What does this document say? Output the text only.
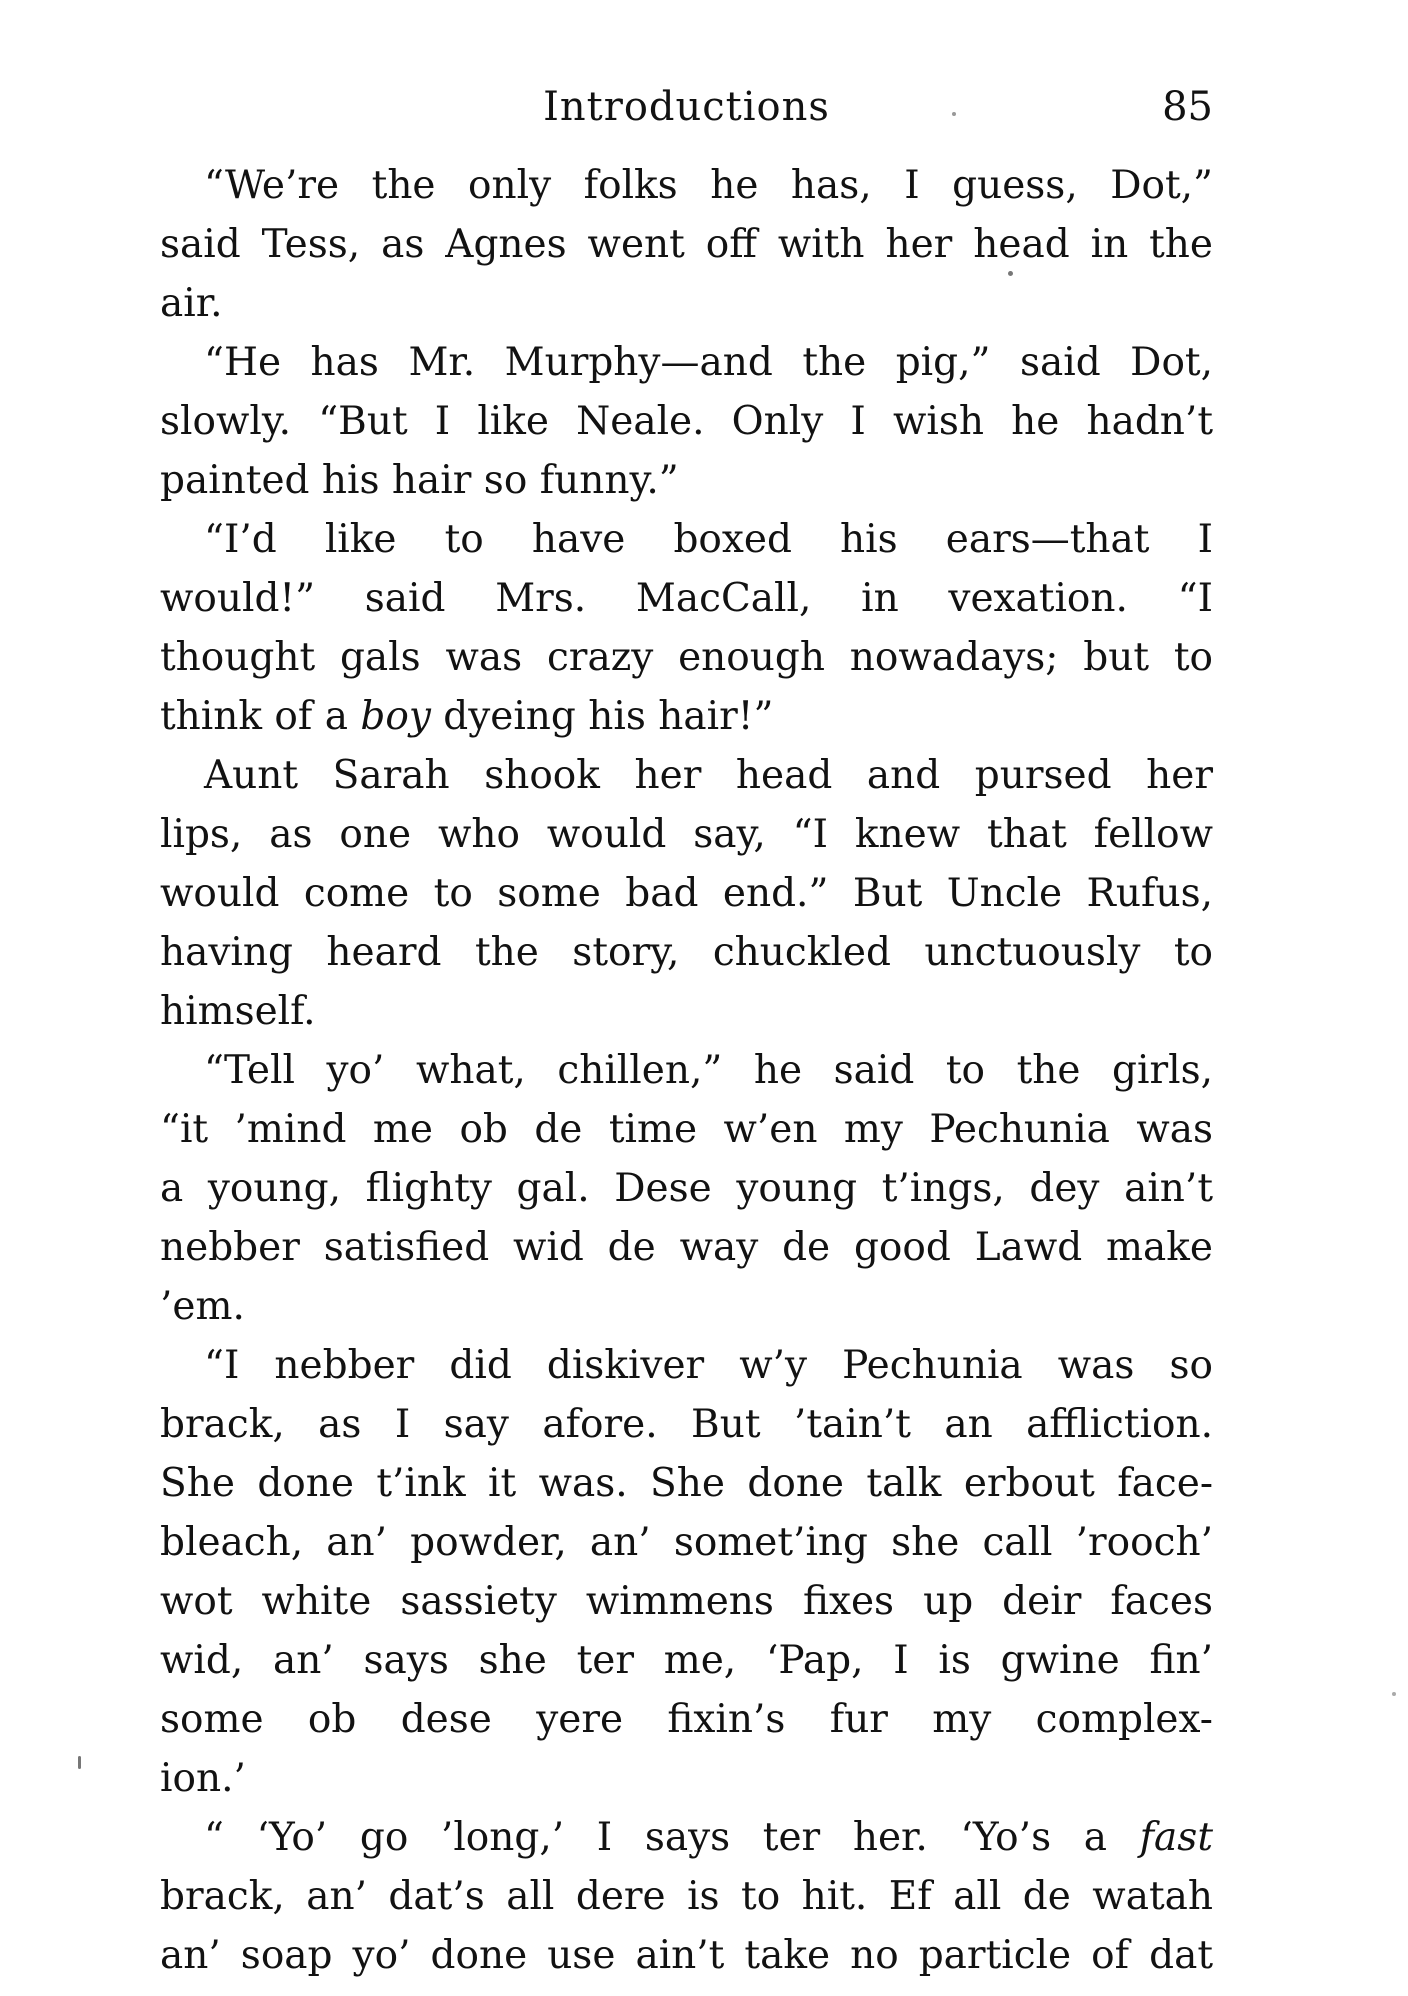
Introductions	85
“We’re the only folks he has, I guess, Dot,”
said Tess, as Agnes went off with her head in the
air.
“He has Mr. Murphy—and the pig,” said Dot,
slowly. “But I like Neale. Only I wish he hadn’t
painted his hair so funny.”
“I’d like to have boxed his ears—that I
would!” said Mrs. MacCall, in vexation. “I
thought gals was crazy enough nowadays; but to
think of a boy dyeing his hair!”
Aunt Sarah shook her head and pursed her
lips, as one who would say, “I knew that fellow
would come to some bad end.” But Uncle Rufus,
having heard the story, chuckled unctuously to
himself.
“Tell yo’ what, chillen,” he said to the girls,
“it ’mind me ob de time w’en my Pechunia was
a young, flighty gal. Dese young t’ings, dey ain’t
nebber satisfied wid de way de good Lawd make
’em.
“I nebber did diskiver w’y Pechunia was so
brack, as I say afore. But ’tain’t an affliction.
She done t’ink it was. She done talk erbout face-
bleach, an’ powder, an’ somet’ing she call ’rooch’
wot white sassiety wimmens fixes up deir faces
wid, an’ says she ter me, ‘Pap, I is gwine fin’
some ob dese yere fixin’s fur my complex-
ion.’
“ ‘Yo’ go ’long,’ I says ter her. ‘Yo’s a fast
brack, an’ dat’s all dere is to hit. Ef all de watah
an’ soap yo’ done use ain’t take no particle of dat
